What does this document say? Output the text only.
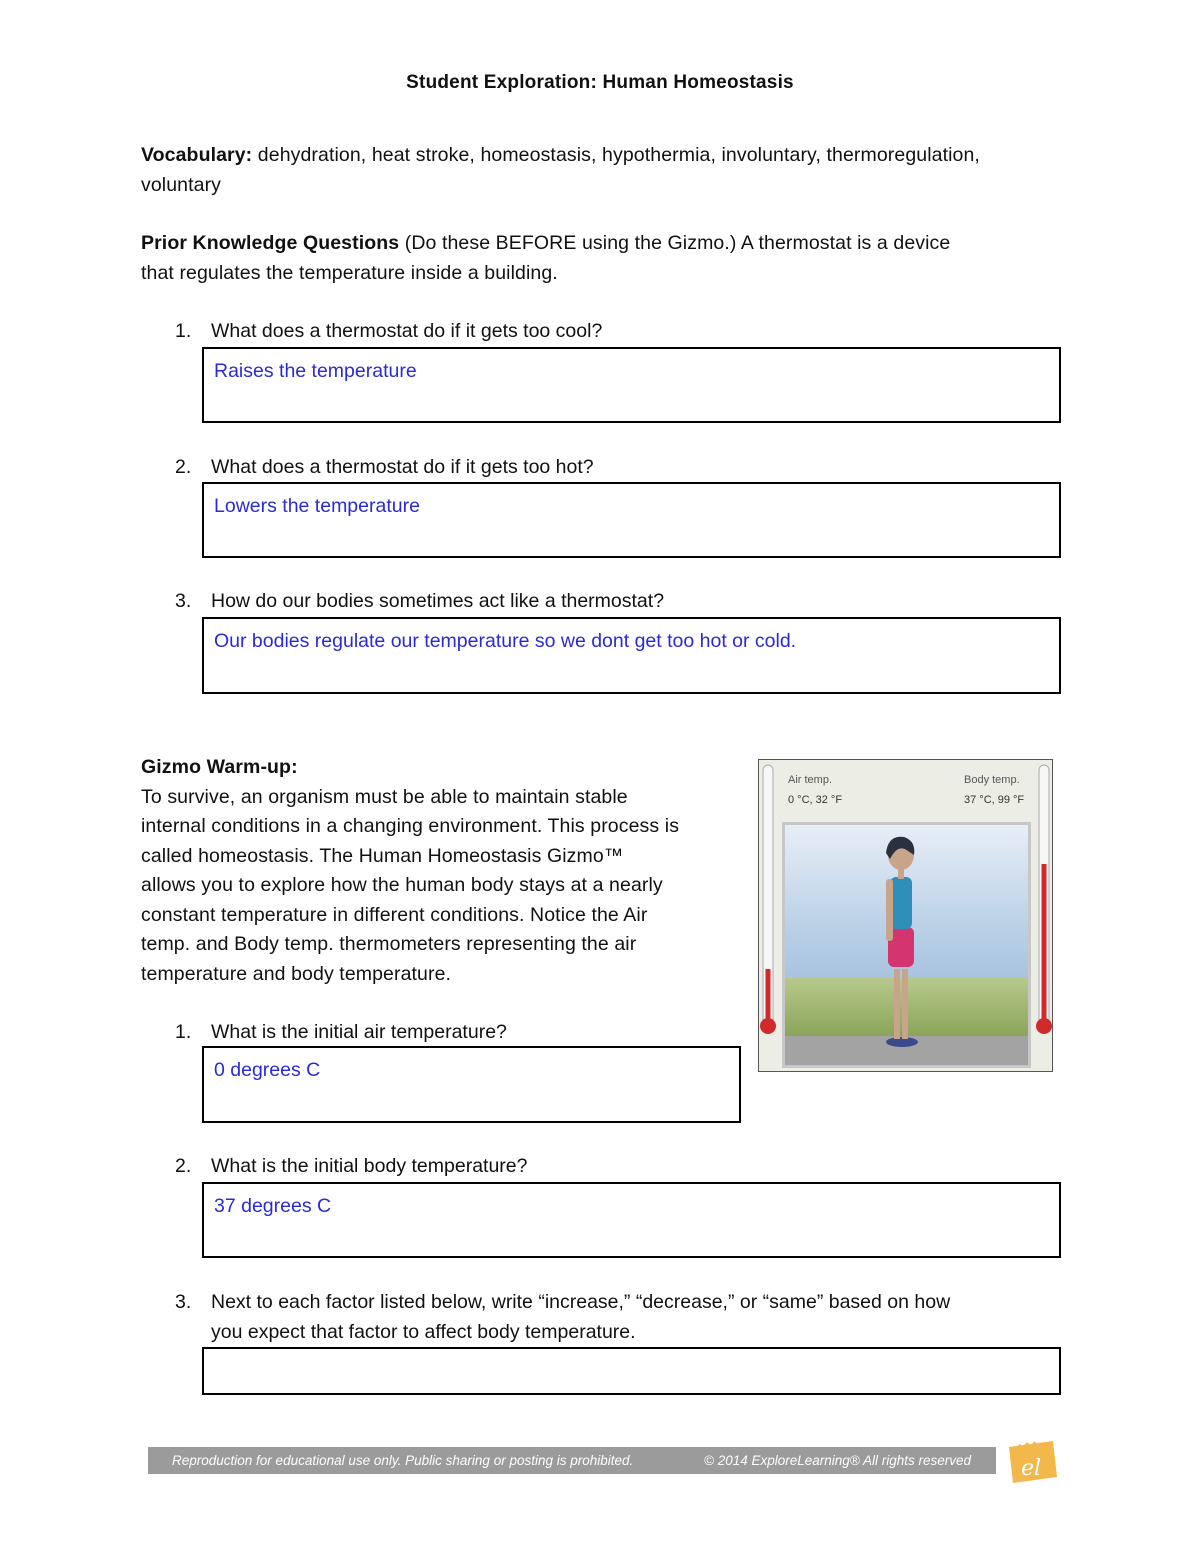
Student Exploration: Human Homeostasis
Vocabulary: dehydration, heat stroke, homeostasis, hypothermia, involuntary, thermoregulation,
voluntary
Prior Knowledge Questions (Do these BEFORE using the Gizmo.) A thermostat is a device
that regulates the temperature inside a building.
1. What does a thermostat do if it gets too cool?
Raises the temperature
2. What does a thermostat do if it gets too hot?
Lowers the temperature
3. How do our bodies sometimes act like a thermostat?
Our bodies regulate our temperature so we dont get too hot or cold.
Gizmo Warm-up:
To survive, an organism must be able to maintain stable
internal conditions in a changing environment. This process is
called homeostasis. The Human Homeostasis Gizmo™
allows you to explore how the human body stays at a nearly
constant temperature in different conditions. Notice the Air
temp. and Body temp. thermometers representing the air
temperature and body temperature.
Air temp.
0 °C, 32 °F
Body temp.
37 °C, 99 °F
1. What is the initial air temperature?
0 degrees C
2. What is the initial body temperature?
37 degrees C
3. Next to each factor listed below, write “increase,” “decrease,” or “same” based on how
you expect that factor to affect body temperature.
Reproduction for educational use only. Public sharing or posting is prohibited.	© 2014 ExploreLearning® All rights reserved el
